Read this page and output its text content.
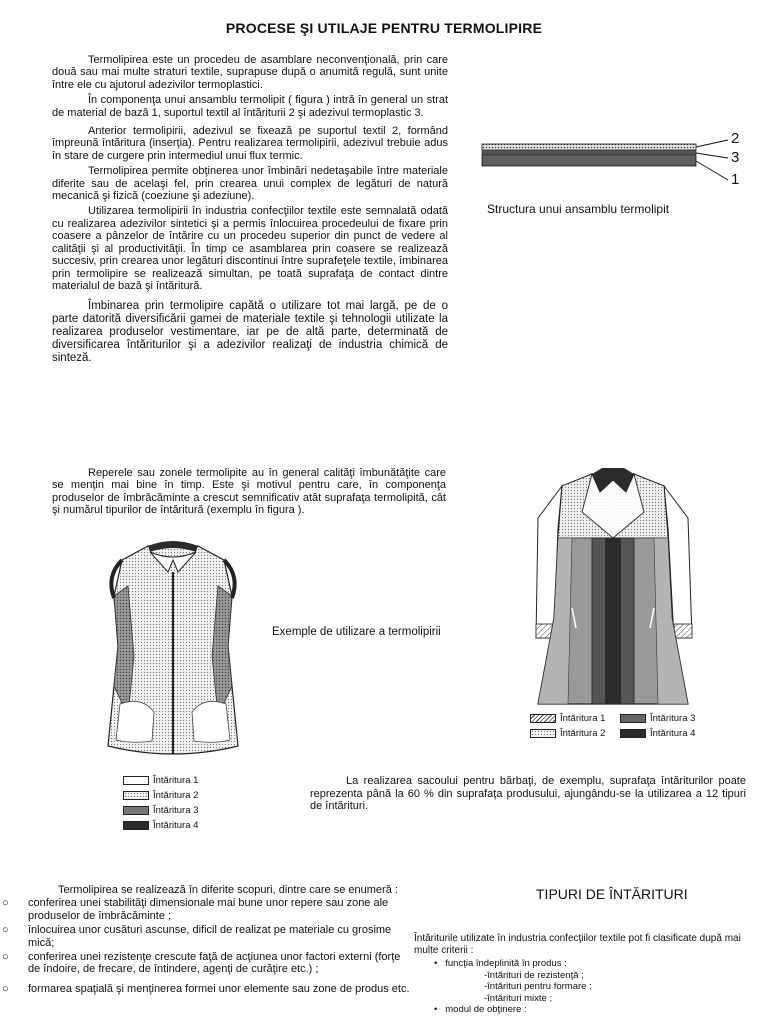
PROCESE ŞI UTILAJE PENTRU TERMOLIPIRE

Termolipirea este un procedeu de asamblare neconvenţională, prin care două sau mai multe straturi textile, suprapuse după o anumită regulă, sunt unite între ele cu ajutorul adezivilor termoplastici.

În componenţa unui ansamblu termolipit ( figura ) intră în general un strat de material de bază 1, suportul textil al întăriturii 2 şi adezivul termoplastic 3.

Anterior termolipirii, adezivul se fixează pe suportul textil 2, formând împreună întăritura (inserţia). Pentru realizarea termolipirii, adezivul trebuie adus în stare de curgere prin intermediul unui flux termic.

Termolipirea permite obţinerea unor îmbinări nedetaşabile între materiale diferite sau de acelaşi fel, prin crearea unui complex de legături de natură mecanică şi fizică (coeziune şi adeziune).

Utilizarea termolipirii în industria confecţiilor textile este semnalată odată cu realizarea adezivilor sintetici şi a permis înlocuirea procedeului de fixare prin coasere a pânzelor de întărire cu un procedeu superior din punct de vedere al calităţii şi al productivităţii. În timp ce asamblarea prin coasere se realizează succesiv, prin crearea unor legături discontinui între suprafeţele textile, îmbinarea prin termolipire se realizează simultan, pe toată suprafaţa de contact dintre materialul de bază şi întăritură.

Îmbinarea prin termolipire capătă o utilizare tot mai largă, pe de o parte datorită diversificării gamei de materiale textile şi tehnologii utilizate la realizarea produselor vestimentare, iar pe de altă parte, determinată de diversificarea întăriturilor şi a adezivilor realizaţi de industria chimică de sinteză.

2
3
1
Structura unui ansamblu termolipit
Reperele sau zonele termolipite au în general calităţi îmbunătăţite care se menţin mai bine în timp. Este şi motivul pentru care, în componenţa produselor de îmbrăcăminte a crescut semnificativ atât suprafaţa termolipită, cât şi numărul tipurilor de întăritură (exemplu în figura ).
Exemple de utilizare a termolipirii
Întăritura 1	Întăritura 3
Întăritura 2	Întăritura 4
Întăritura 1
Întăritura 2
Întăritura 3
Întăritura 4
La realizarea sacoului pentru bărbaţi, de exemplu, suprafaţa întăriturilor poate reprezenta până la 60 % din suprafaţa produsului, ajungându-se la utilizarea a 12 tipuri de întărituri.
Termolipirea se realizează în diferite scopuri, dintre care se enumeră :
○ conferirea unei stabilităţi dimensionale mai bune unor repere sau zone ale produselor de îmbrăcăminte ;
○ înlocuirea unor cusături ascunse, dificil de realizat pe materiale cu grosime mică;
○ conferirea unei rezistenţe crescute faţă de acţiunea unor factori externi (forţe de îndoire, de frecare, de întindere, agenţi de curăţire etc.) ;
○ formarea spaţială şi menţinerea formei unor elemente sau zone de produs etc.
TIPURI DE ÎNTĂRITURI
Întăriturile utilizate în industria confecţiilor textile pot fi clasificate după mai multe criterii :
•   funcţia îndeplinită în produs :
-întărituri de rezistenţă ;
-întărituri pentru formare ;
-întărituri mixte ;
•   modul de obţinere :
